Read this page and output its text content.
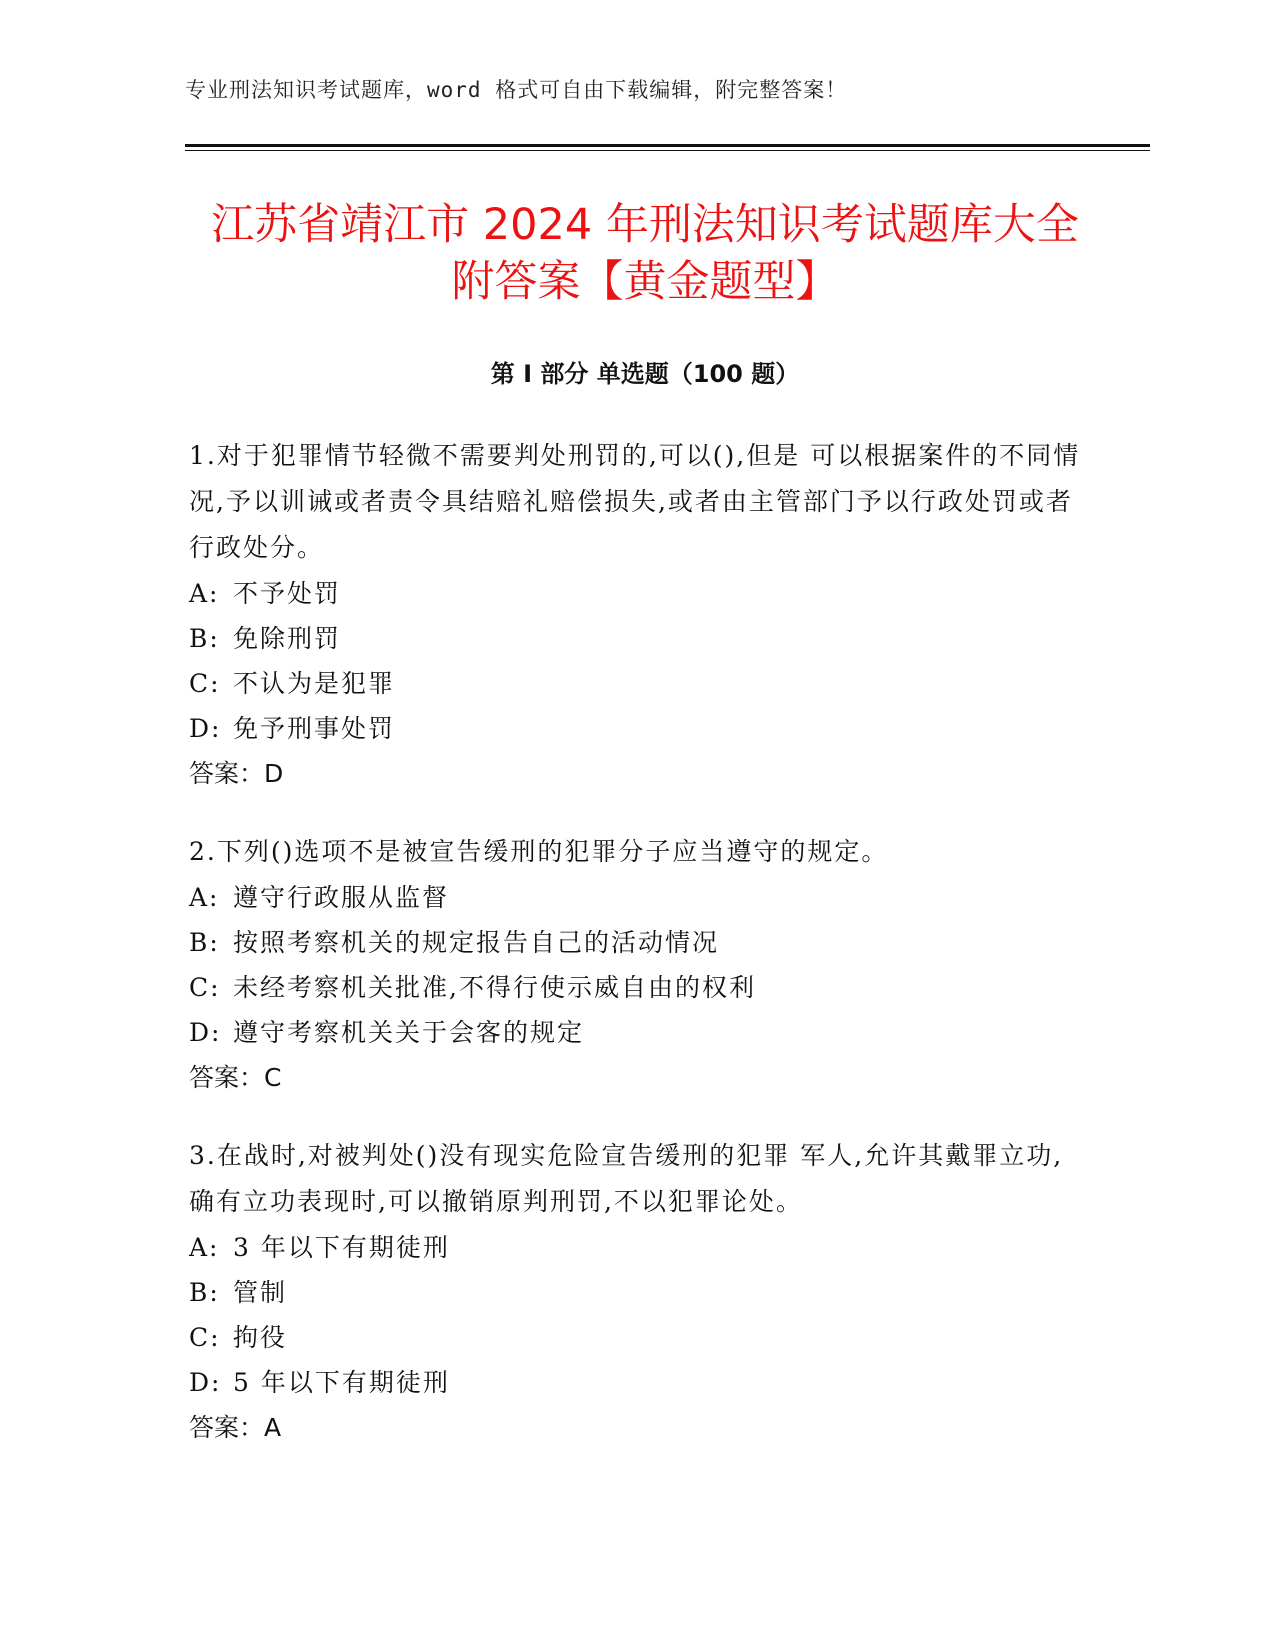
专业刑法知识考试题库，word 格式可自由下载编辑，附完整答案！
江苏省靖江市 2024 年刑法知识考试题库大全
附答案【黄金题型】
第 I 部分 单选题（100 题）

1.对于犯罪情节轻微不需要判处刑罚的,可以(),但是 可以根据案件的不同情况,予以训诫或者责令具结赔礼赔偿损失,或者由主管部门予以行政处罚或者行政处分。

A: 不予处罚
B: 免除刑罚
C: 不认为是犯罪
D: 免予刑事处罚
答案：D

2.下列()选项不是被宣告缓刑的犯罪分子应当遵守的规定。

A: 遵守行政服从监督
B: 按照考察机关的规定报告自己的活动情况
C: 未经考察机关批准,不得行使示威自由的权利
D: 遵守考察机关关于会客的规定
答案：C

3.在战时,对被判处()没有现实危险宣告缓刑的犯罪 军人,允许其戴罪立功,确有立功表现时,可以撤销原判刑罚,不以犯罪论处。

A: 3 年以下有期徒刑
B: 管制
C: 拘役
D: 5 年以下有期徒刑
答案：A
